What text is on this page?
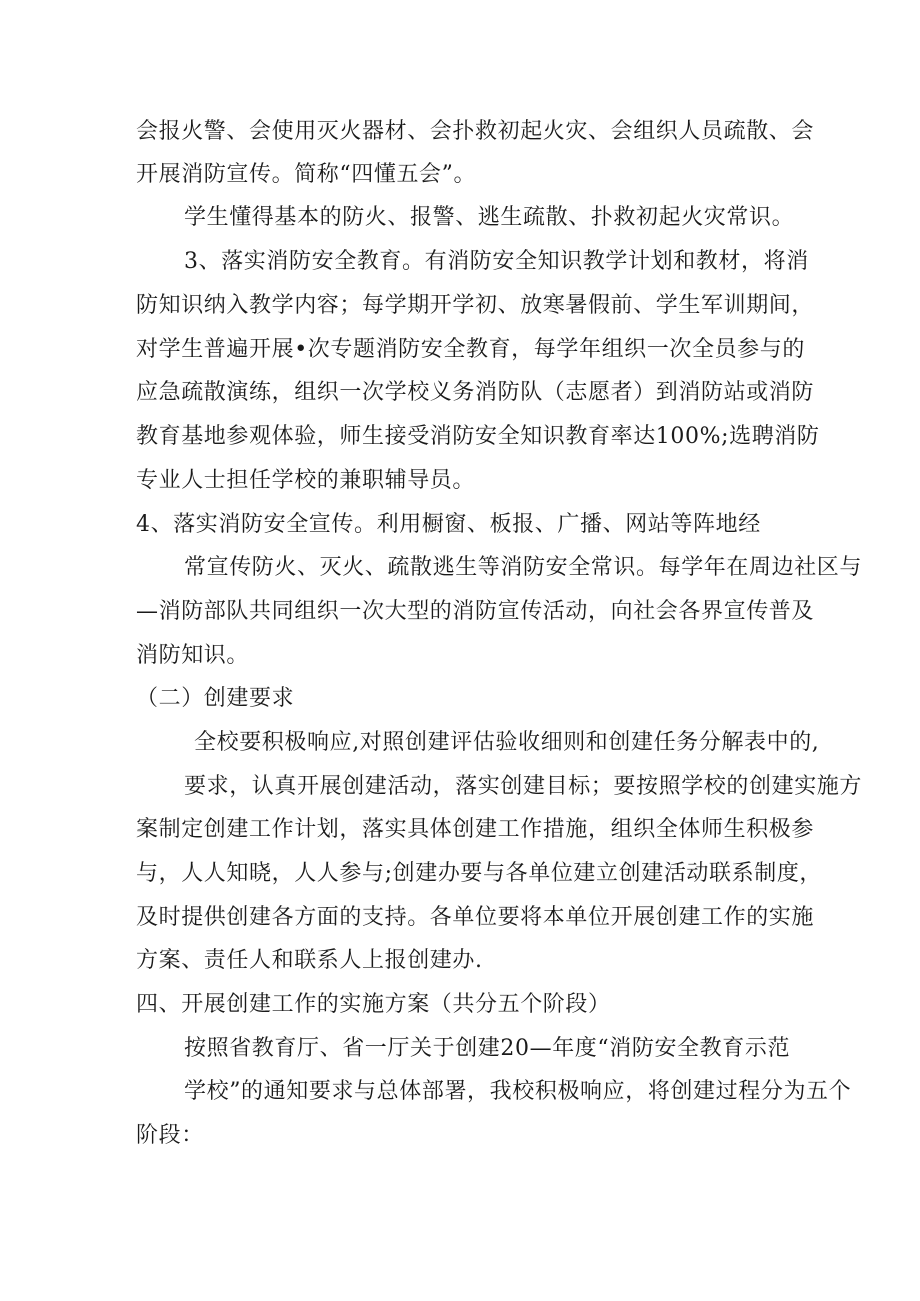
会报火警、会使用灭火器材、会扑救初起火灾、会组织人员疏散、会
开展消防宣传。简称“四懂五会”。
学生懂得基本的防火、报警、逃生疏散、扑救初起火灾常识。
3、落实消防安全教育。有消防安全知识教学计划和教材，将消
防知识纳入教学内容；每学期开学初、放寒暑假前、学生军训期间，
对学生普遍开展•次专题消防安全教育，每学年组织一次全员参与的
应急疏散演练，组织一次学校义务消防队（志愿者）到消防站或消防
教育基地参观体验，师生接受消防安全知识教育率达100%;选聘消防
专业人士担任学校的兼职辅导员。
4、落实消防安全宣传。利用橱窗、板报、广播、网站等阵地经
常宣传防火、灭火、疏散逃生等消防安全常识。每学年在周边社区与
—消防部队共同组织一次大型的消防宣传活动，向社会各界宣传普及
消防知识。
（二）创建要求
全校要积极响应,对照创建评估验收细则和创建任务分解表中的,
要求，认真开展创建活动，落实创建目标；要按照学校的创建实施方
案制定创建工作计划，落实具体创建工作措施，组织全体师生积极参
与，人人知晓，人人参与;创建办要与各单位建立创建活动联系制度，
及时提供创建各方面的支持。各单位要将本单位开展创建工作的实施
方案、责任人和联系人上报创建办.
四、开展创建工作的实施方案（共分五个阶段）
按照省教育厅、省一厅关于创建20—年度“消防安全教育示范
学校”的通知要求与总体部署，我校积极响应，将创建过程分为五个
阶段：
